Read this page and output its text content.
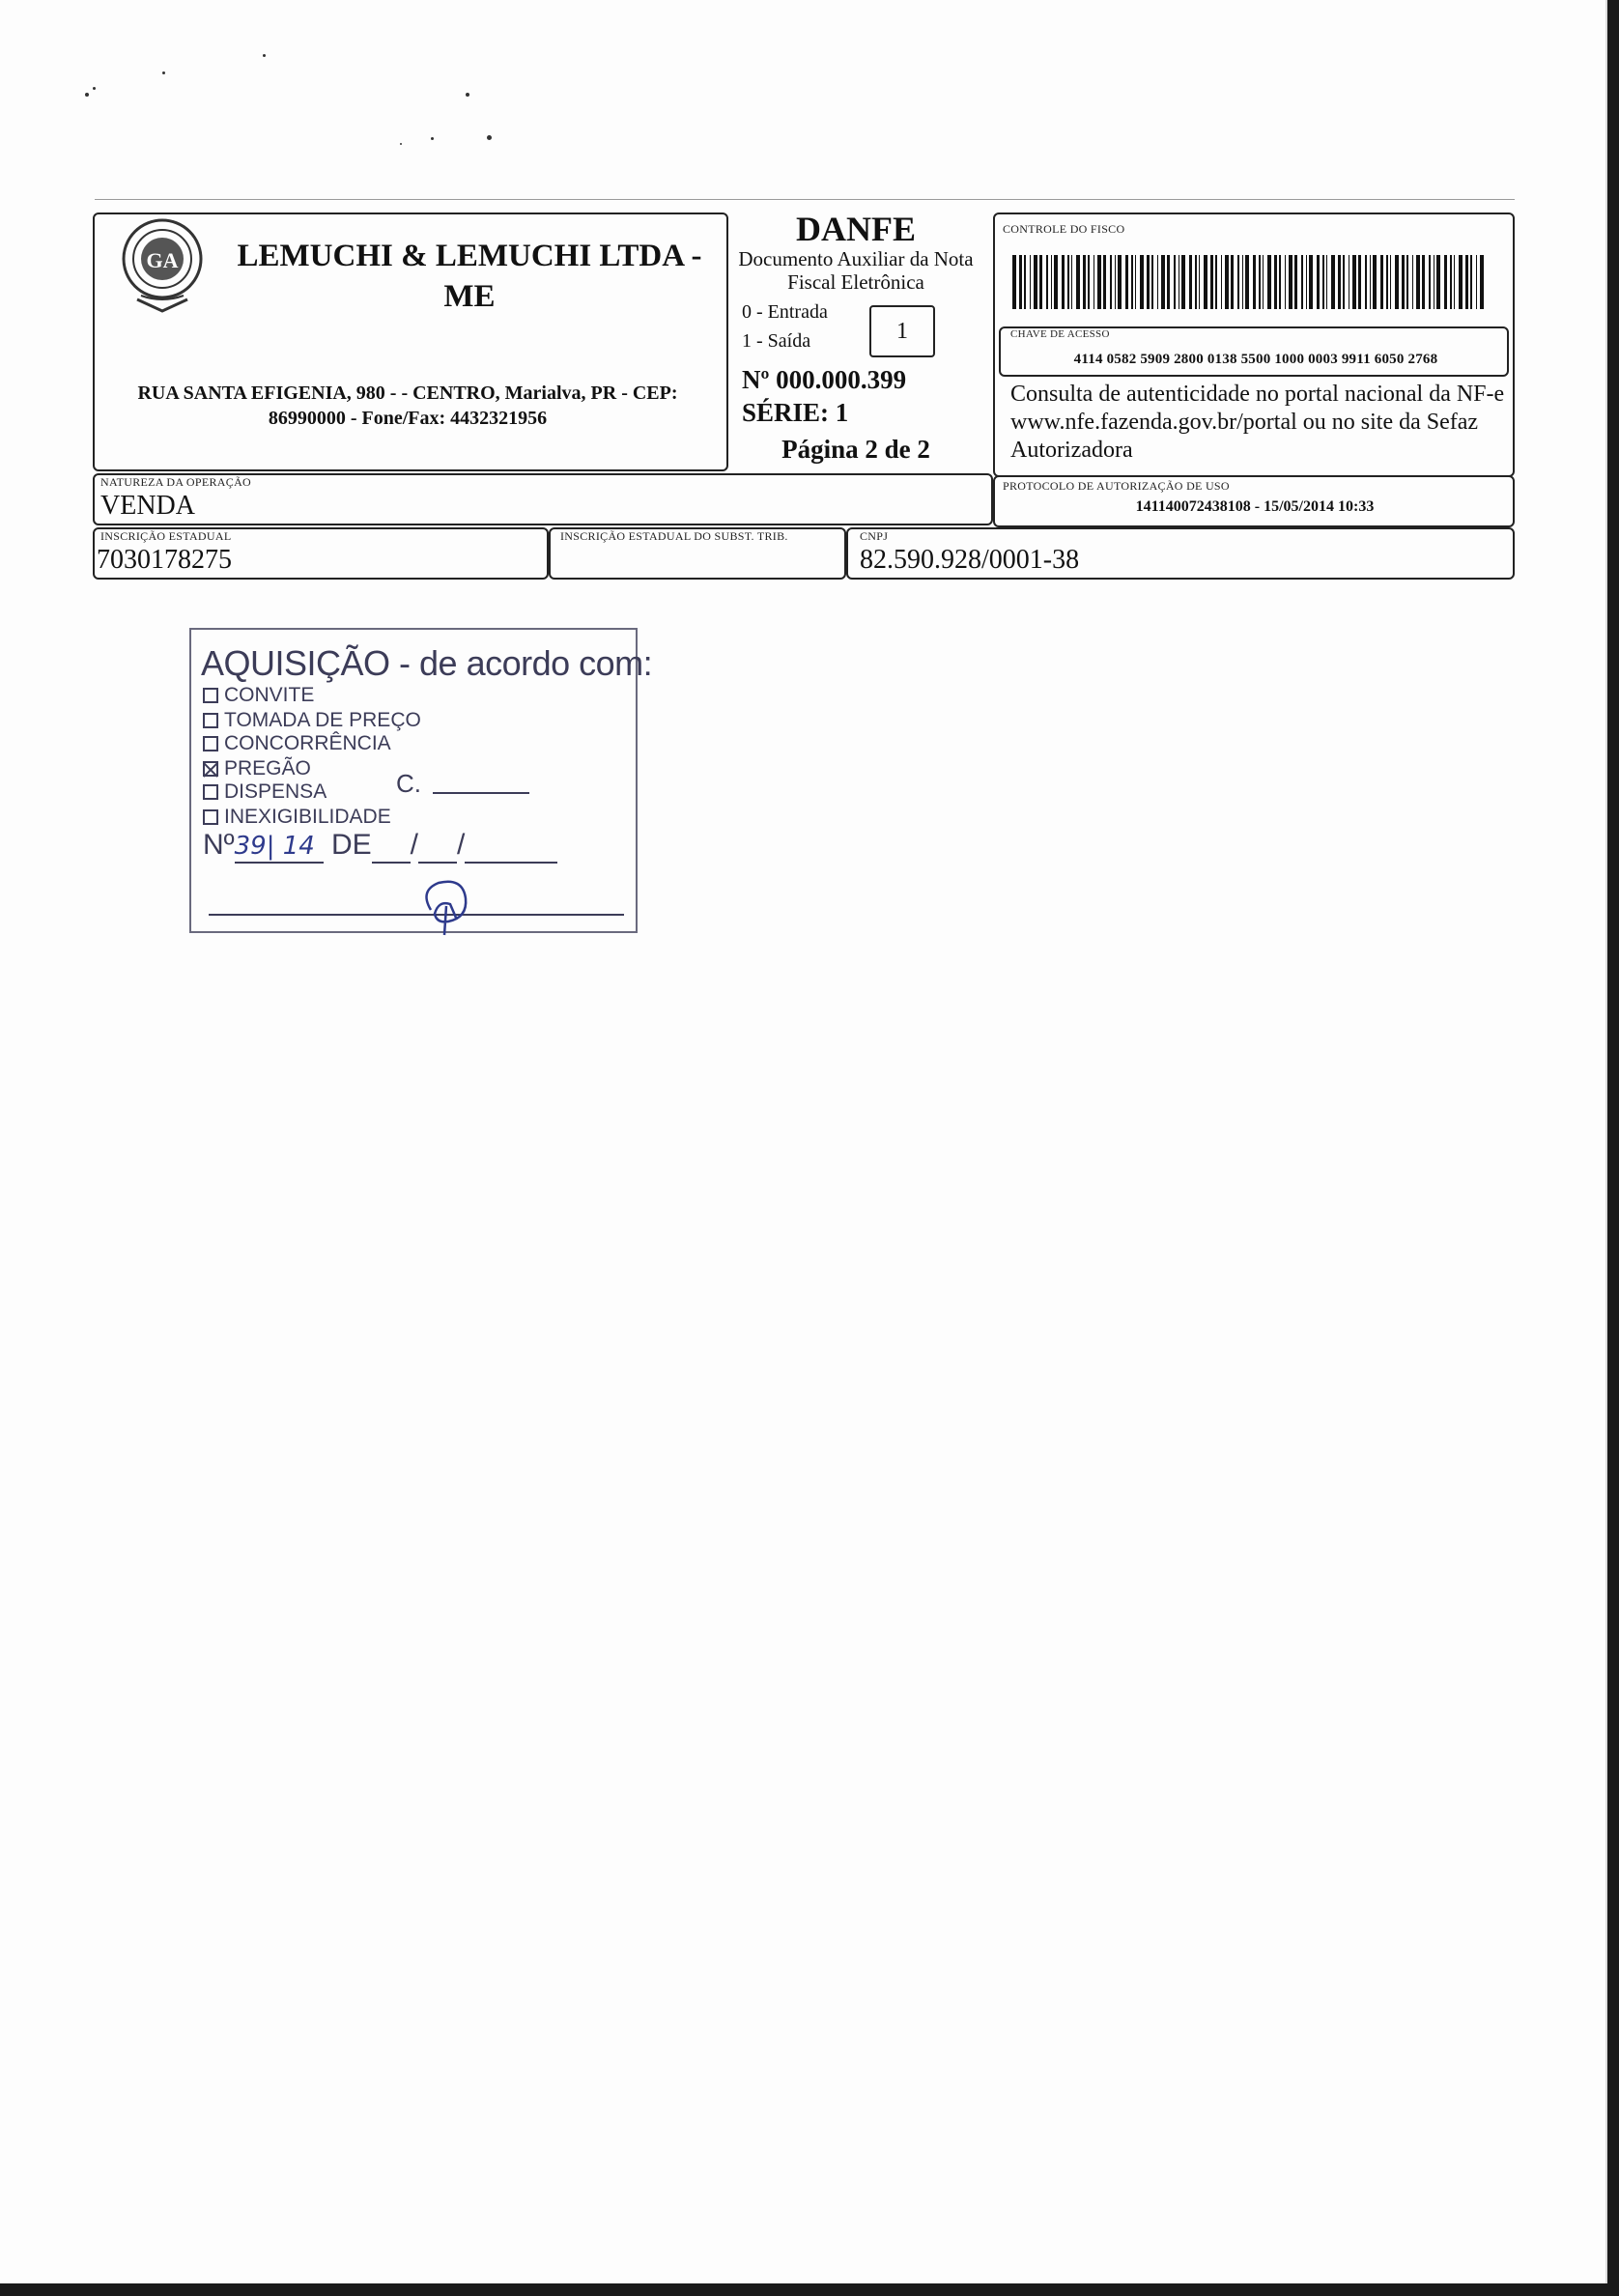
GA	LEMUCHI & LEMUCHI LTDA - ME
RUA SANTA EFIGENIA, 980 - - CENTRO, Marialva, PR - CEP:
86990000 - Fone/Fax: 4432321956
DANFE
Documento Auxiliar da Nota Fiscal Eletrônica
0 - Entrada
1 - Saída	1
Nº 000.000.399
SÉRIE: 1
Página 2 de 2
CONTROLE DO FISCO
CHAVE DE ACESSO
4114 0582 5909 2800 0138 5500 1000 0003 9911 6050 2768
Consulta de autenticidade no portal nacional da NF-e www.nfe.fazenda.gov.br/portal ou no site da Sefaz Autorizadora
NATUREZA DA OPERAÇÃO
VENDA
PROTOCOLO DE AUTORIZAÇÃO DE USO
141140072438108 - 15/05/2014 10:33
INSCRIÇÃO ESTADUAL
7030178275
INSCRIÇÃO ESTADUAL DO SUBST. TRIB.	CNPJ
82.590.928/0001-38
AQUISIÇÃO - de acordo com:
CONVITE
TOMADA DE PREÇO
CONCORRÊNCIA
PREGÃO
DISPENSA
INEXIGIBILIDADE
C.
Nº39| 14 DE / /
